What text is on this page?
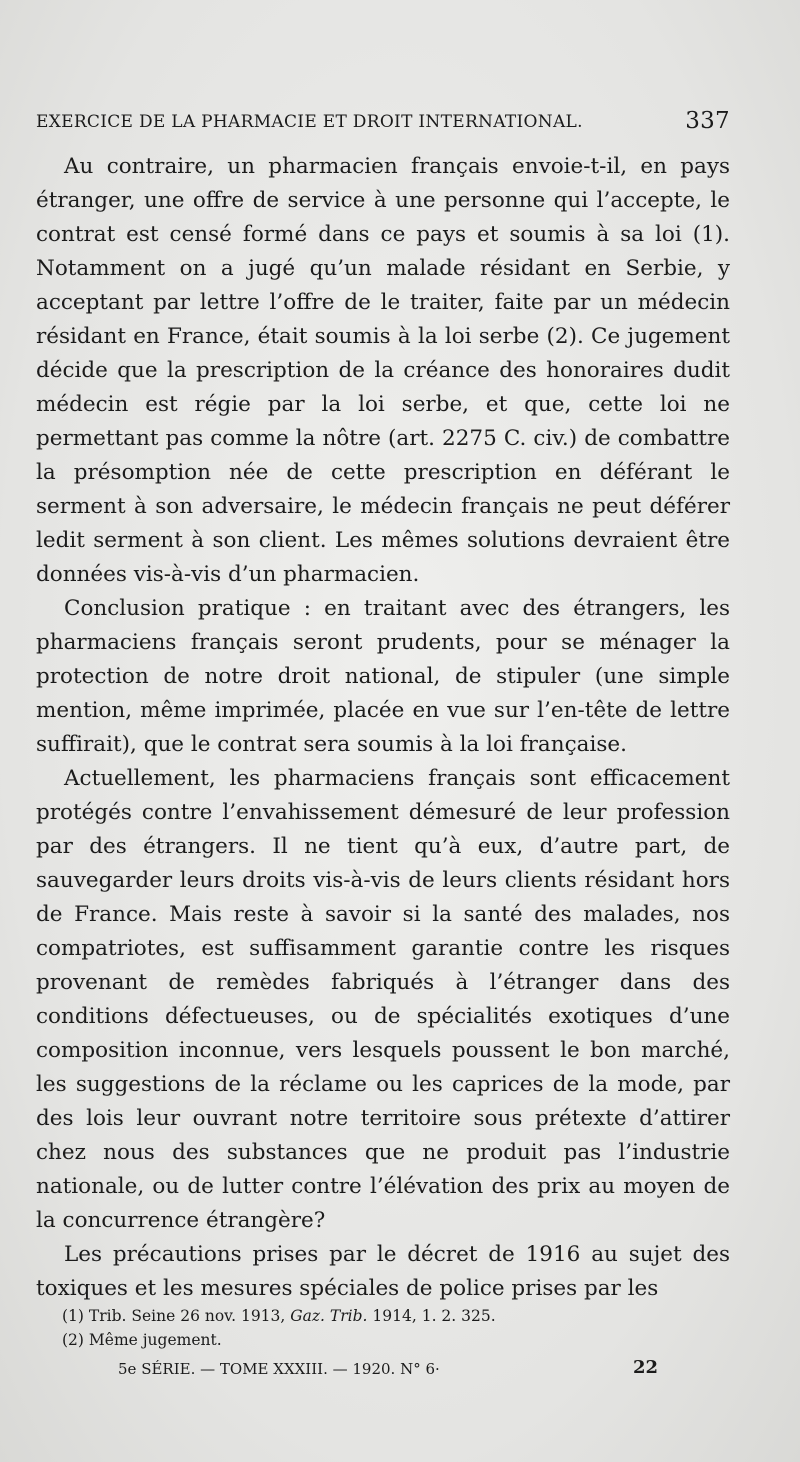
EXERCICE DE LA PHARMACIE ET DROIT INTERNATIONAL.	337

Au contraire, un pharmacien français envoie-t-il, en pays étranger, une offre de service à une personne qui l’accepte, le contrat est censé formé dans ce pays et soumis à sa loi (1). Notamment on a jugé qu’un malade résidant en Serbie, y acceptant par lettre l’offre de le traiter, faite par un médecin résidant en France, était soumis à la loi serbe (2). Ce jugement décide que la prescription de la créance des honoraires dudit médecin est régie par la loi serbe, et que, cette loi ne permettant pas comme la nôtre (art. 2275 C. civ.) de combattre la présomption née de cette prescription en déférant le serment à son adversaire, le médecin français ne peut déférer ledit serment à son client. Les mêmes solutions devraient être données vis-à-vis d’un pharmacien.

Conclusion pratique : en traitant avec des étrangers, les pharmaciens français seront prudents, pour se ménager la protection de notre droit national, de stipuler (une simple mention, même imprimée, placée en vue sur l’en-tête de lettre suffirait), que le contrat sera soumis à la loi française.

Actuellement, les pharmaciens français sont efficacement protégés contre l’envahissement démesuré de leur profession par des étrangers. Il ne tient qu’à eux, d’autre part, de sauvegarder leurs droits vis-à-vis de leurs clients résidant hors de France. Mais reste à savoir si la santé des malades, nos compatriotes, est suffisamment garantie contre les risques provenant de remèdes fabriqués à l’étranger dans des conditions défectueuses, ou de spécialités exotiques d’une composition inconnue, vers lesquels poussent le bon marché, les suggestions de la réclame ou les caprices de la mode, par des lois leur ouvrant notre territoire sous prétexte d’attirer chez nous des substances que ne produit pas l’industrie nationale, ou de lutter contre l’élévation des prix au moyen de la concurrence étrangère?

Les précautions prises par le décret de 1916 au sujet des toxiques et les mesures spéciales de police prises par les

(1) Trib. Seine 26 nov. 1913, Gaz. Trib. 1914, 1. 2. 325.
(2) Même jugement.
5e SÉRIE. — TOME XXXIII. — 1920. N° 6·	22
